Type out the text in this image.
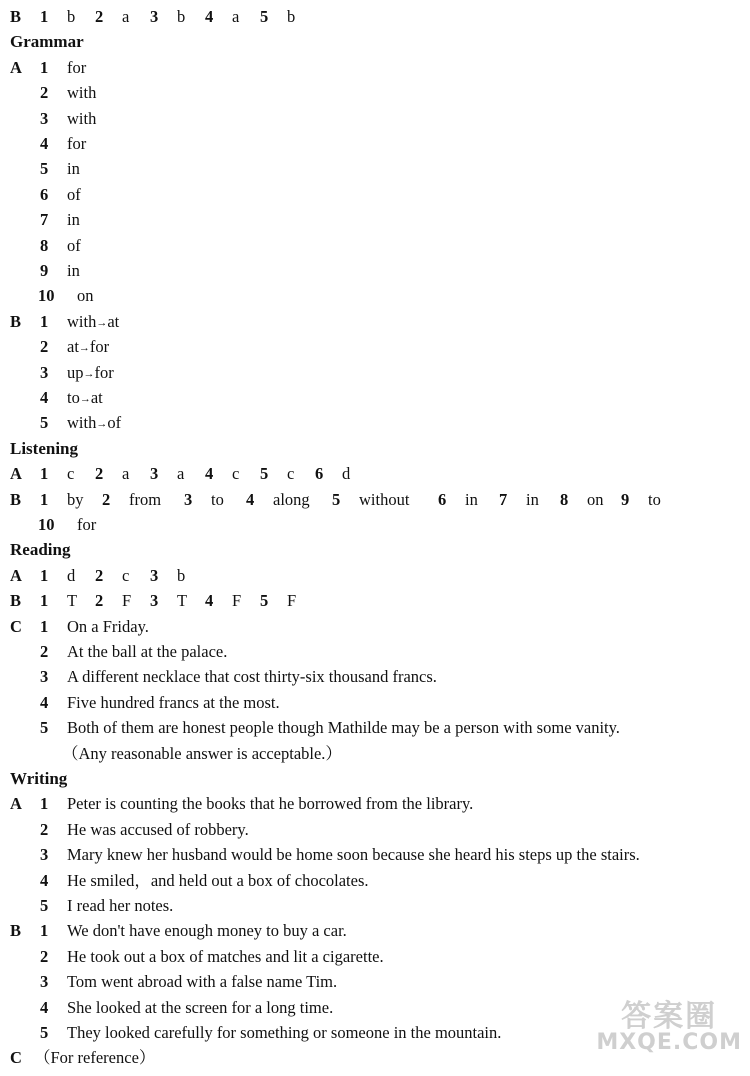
B 1 b 2 a 3 b 4 a 5 b
Grammar
A 1 for
2 with
3 with
4 for
5 in
6 of
7 in
8 of
9 in
10 on
B 1 with→at
2 at→for
3 up→for
4 to→at
5 with→of
Listening
A 1 c 2 a 3 a 4 c 5 c 6 d
B 1 by 2 from 3 to 4 along 5 without 6 in 7 in 8 on 9 to
10 for
Reading
A 1 d 2 c 3 b
B 1 T 2 F 3 T 4 F 5 F
C 1 On a Friday.
2 At the ball at the palace.
3 A different necklace that cost thirty-six thousand francs.
4 Five hundred francs at the most.
5 Both of them are honest people though Mathilde may be a person with some vanity.
（Any reasonable answer is acceptable.）
Writing
A 1 Peter is counting the books that he borrowed from the library.
2 He was accused of robbery.
3 Mary knew her husband would be home soon because she heard his steps up the stairs.
4 He smiled，and held out a box of chocolates.
5 I read her notes.
B 1 We don't have enough money to buy a car.
2 He took out a box of matches and lit a cigarette.
3 Tom went abroad with a false name Tim.
4 She looked at the screen for a long time.
5 They looked carefully for something or someone in the mountain.
C （For reference）
答案圈
MXQE.COM
